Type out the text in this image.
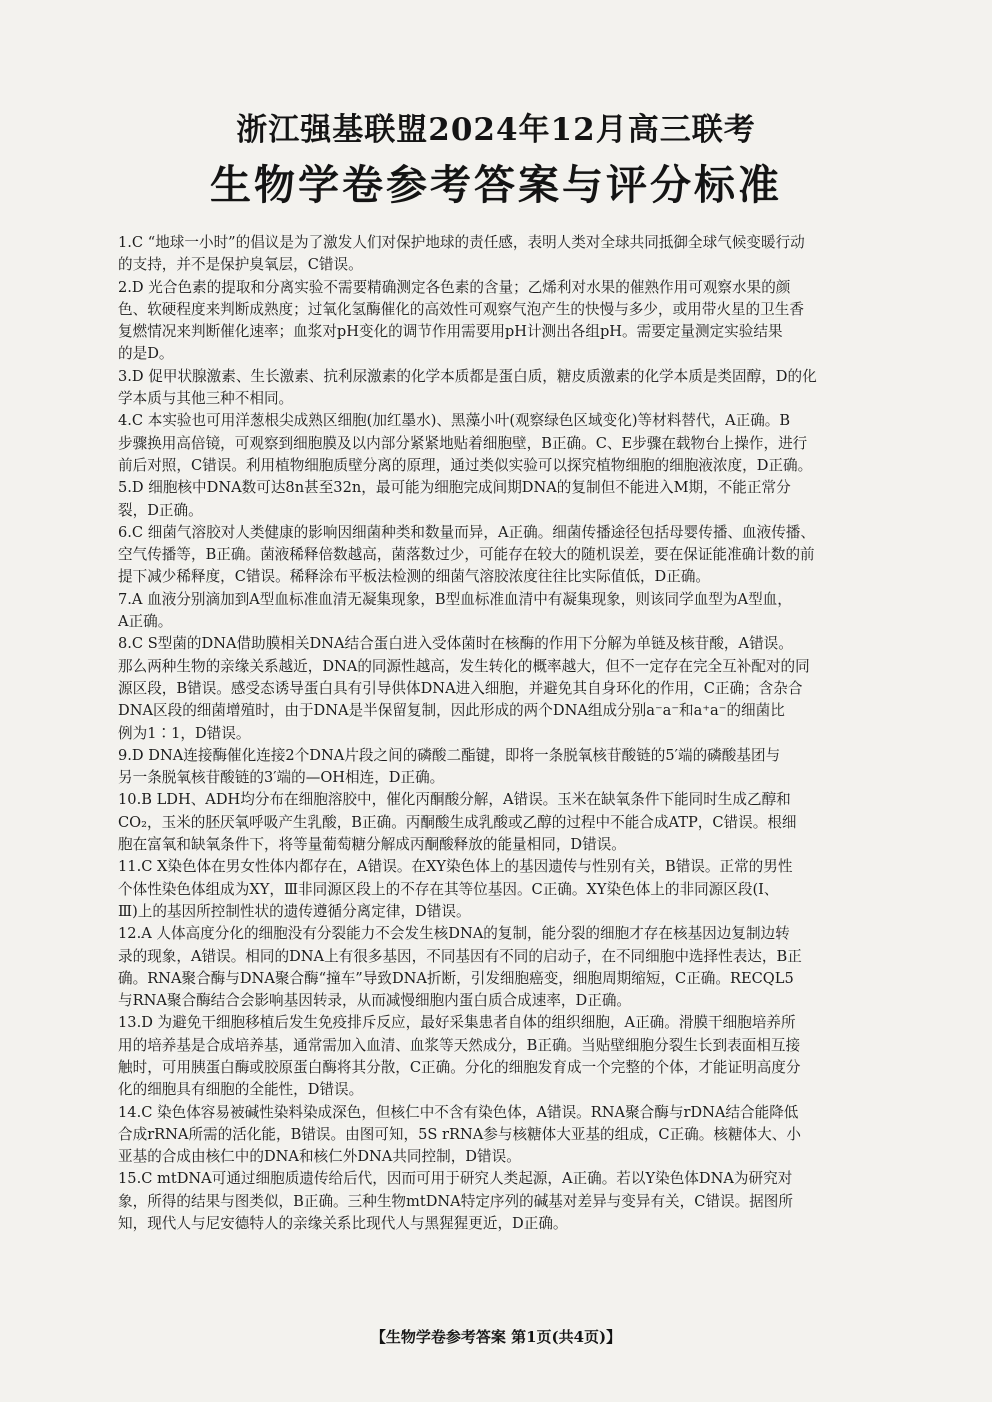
浙江强基联盟2024年12月高三联考
生物学卷参考答案与评分标准
1.C “地球一小时”的倡议是为了激发人们对保护地球的责任感，表明人类对全球共同抵御全球气候变暖行动
的支持，并不是保护臭氧层，C错误。
2.D 光合色素的提取和分离实验不需要精确测定各色素的含量；乙烯利对水果的催熟作用可观察水果的颜
色、软硬程度来判断成熟度；过氧化氢酶催化的高效性可观察气泡产生的快慢与多少，或用带火星的卫生香
复燃情况来判断催化速率；血浆对pH变化的调节作用需要用pH计测出各组pH。需要定量测定实验结果
的是D。
3.D 促甲状腺激素、生长激素、抗利尿激素的化学本质都是蛋白质，糖皮质激素的化学本质是类固醇，D的化
学本质与其他三种不相同。
4.C 本实验也可用洋葱根尖成熟区细胞(加红墨水)、黑藻小叶(观察绿色区域变化)等材料替代，A正确。B
步骤换用高倍镜，可观察到细胞膜及以内部分紧紧地贴着细胞壁，B正确。C、E步骤在载物台上操作，进行
前后对照，C错误。利用植物细胞质壁分离的原理，通过类似实验可以探究植物细胞的细胞液浓度，D正确。
5.D 细胞核中DNA数可达8n甚至32n，最可能为细胞完成间期DNA的复制但不能进入M期，不能正常分
裂，D正确。
6.C 细菌气溶胶对人类健康的影响因细菌种类和数量而异，A正确。细菌传播途径包括母婴传播、血液传播、
空气传播等，B正确。菌液稀释倍数越高，菌落数过少，可能存在较大的随机误差，要在保证能准确计数的前
提下减少稀释度，C错误。稀释涂布平板法检测的细菌气溶胶浓度往往比实际值低，D正确。
7.A 血液分别滴加到A型血标准血清无凝集现象，B型血标准血清中有凝集现象，则该同学血型为A型血，
A正确。
8.C S型菌的DNA借助膜相关DNA结合蛋白进入受体菌时在核酶的作用下分解为单链及核苷酸，A错误。
那么两种生物的亲缘关系越近，DNA的同源性越高，发生转化的概率越大，但不一定存在完全互补配对的同
源区段，B错误。感受态诱导蛋白具有引导供体DNA进入细胞，并避免其自身环化的作用，C正确；含杂合
DNA区段的细菌增殖时，由于DNA是半保留复制，因此形成的两个DNA组成分别a⁻a⁻和a⁺a⁻的细菌比
例为1∶1，D错误。
9.D DNA连接酶催化连接2个DNA片段之间的磷酸二酯键，即将一条脱氧核苷酸链的5′端的磷酸基团与
另一条脱氧核苷酸链的3′端的—OH相连，D正确。
10.B LDH、ADH均分布在细胞溶胶中，催化丙酮酸分解，A错误。玉米在缺氧条件下能同时生成乙醇和
CO₂，玉米的胚厌氧呼吸产生乳酸，B正确。丙酮酸生成乳酸或乙醇的过程中不能合成ATP，C错误。根细
胞在富氧和缺氧条件下，将等量葡萄糖分解成丙酮酸释放的能量相同，D错误。
11.C X染色体在男女性体内都存在，A错误。在XY染色体上的基因遗传与性别有关，B错误。正常的男性
个体性染色体组成为XY，Ⅲ非同源区段上的不存在其等位基因。C正确。XY染色体上的非同源区段(Ⅰ、
Ⅲ)上的基因所控制性状的遗传遵循分离定律，D错误。
12.A 人体高度分化的细胞没有分裂能力不会发生核DNA的复制，能分裂的细胞才存在核基因边复制边转
录的现象，A错误。相同的DNA上有很多基因，不同基因有不同的启动子，在不同细胞中选择性表达，B正
确。RNA聚合酶与DNA聚合酶“撞车”导致DNA折断，引发细胞癌变，细胞周期缩短，C正确。RECQL5
与RNA聚合酶结合会影响基因转录，从而减慢细胞内蛋白质合成速率，D正确。
13.D 为避免干细胞移植后发生免疫排斥反应，最好采集患者自体的组织细胞，A正确。滑膜干细胞培养所
用的培养基是合成培养基，通常需加入血清、血浆等天然成分，B正确。当贴壁细胞分裂生长到表面相互接
触时，可用胰蛋白酶或胶原蛋白酶将其分散，C正确。分化的细胞发育成一个完整的个体，才能证明高度分
化的细胞具有细胞的全能性，D错误。
14.C 染色体容易被碱性染料染成深色，但核仁中不含有染色体，A错误。RNA聚合酶与rDNA结合能降低
合成rRNA所需的活化能，B错误。由图可知，5S rRNA参与核糖体大亚基的组成，C正确。核糖体大、小
亚基的合成由核仁中的DNA和核仁外DNA共同控制，D错误。
15.C mtDNA可通过细胞质遗传给后代，因而可用于研究人类起源，A正确。若以Y染色体DNA为研究对
象，所得的结果与图类似，B正确。三种生物mtDNA特定序列的碱基对差异与变异有关，C错误。据图所
知，现代人与尼安德特人的亲缘关系比现代人与黑猩猩更近，D正确。
【生物学卷参考答案 第1页(共4页)】
